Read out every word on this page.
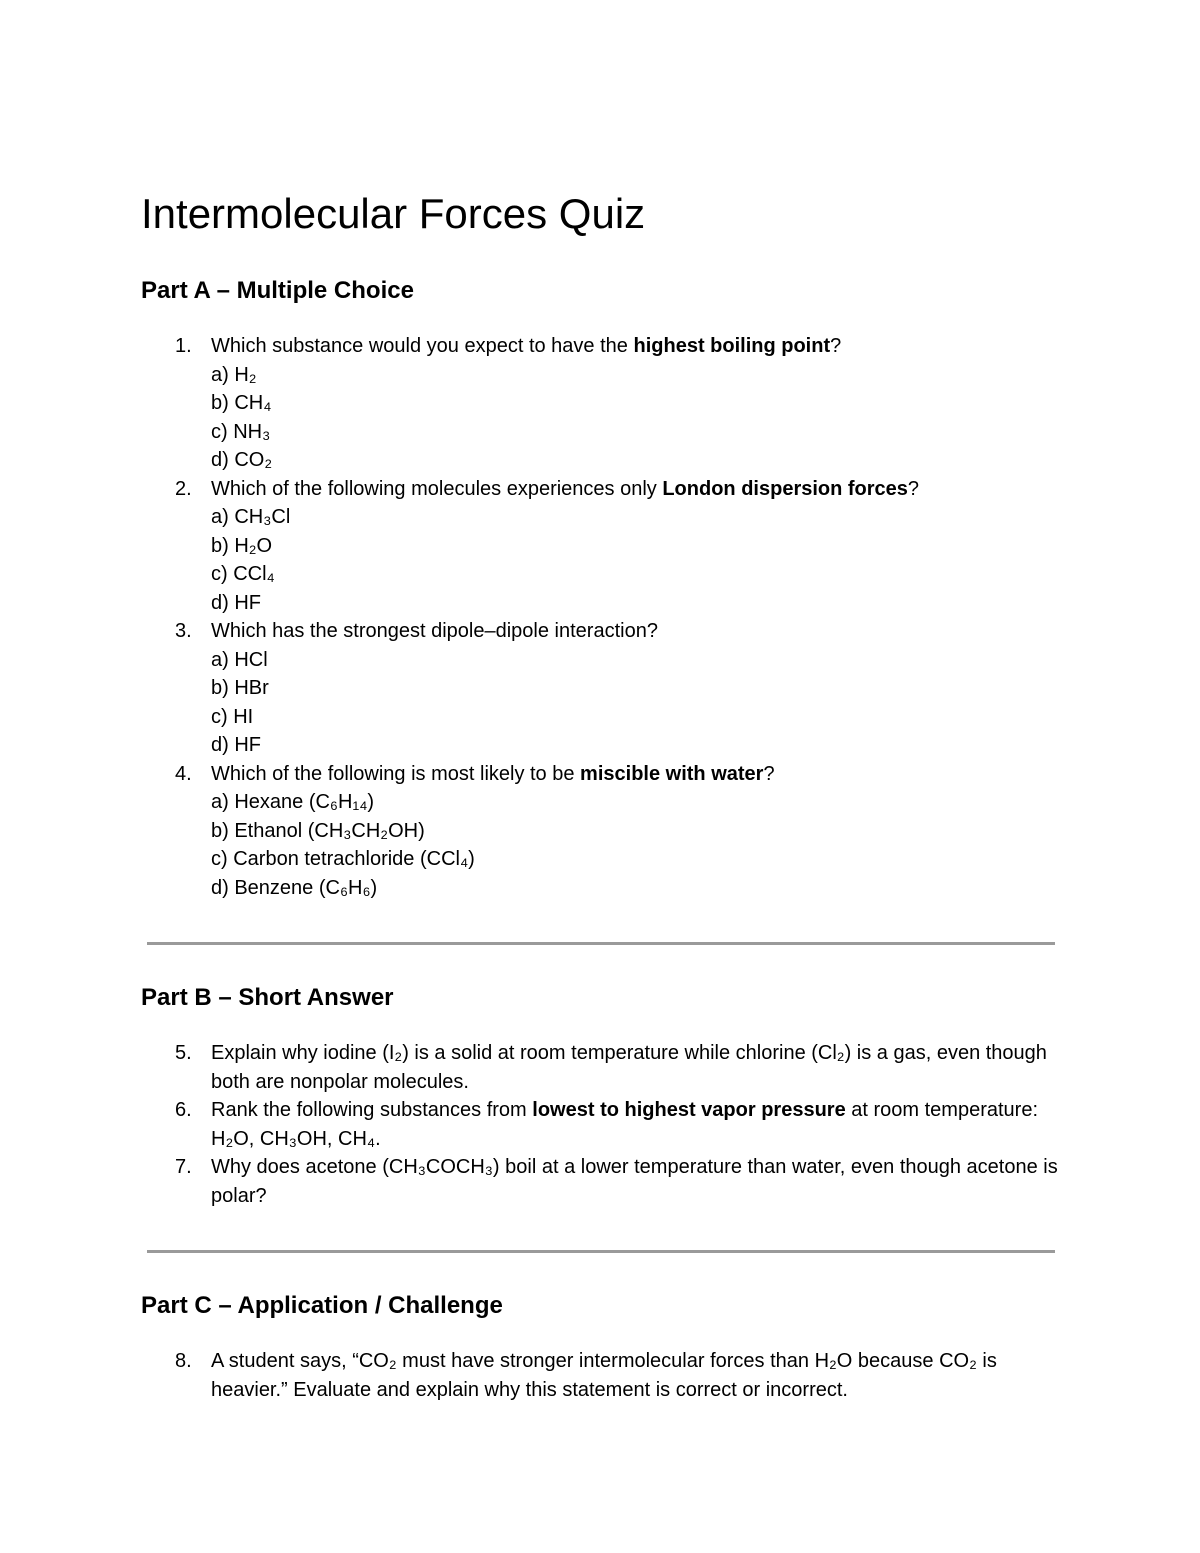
Intermolecular Forces Quiz
Part A – Multiple Choice
1. Which substance would you expect to have the highest boiling point?
a) H₂
b) CH₄
c) NH₃
d) CO₂
2. Which of the following molecules experiences only London dispersion forces?
a) CH₃Cl
b) H₂O
c) CCl₄
d) HF
3. Which has the strongest dipole–dipole interaction?
a) HCl
b) HBr
c) HI
d) HF
4. Which of the following is most likely to be miscible with water?
a) Hexane (C₆H₁₄)
b) Ethanol (CH₃CH₂OH)
c) Carbon tetrachloride (CCl₄)
d) Benzene (C₆H₆)
Part B – Short Answer
5. Explain why iodine (I₂) is a solid at room temperature while chlorine (Cl₂) is a gas, even though both are nonpolar molecules.
6. Rank the following substances from lowest to highest vapor pressure at room temperature: H₂O, CH₃OH, CH₄.
7. Why does acetone (CH₃COCH₃) boil at a lower temperature than water, even though acetone is polar?
Part C – Application / Challenge
8. A student says, “CO₂ must have stronger intermolecular forces than H₂O because CO₂ is heavier.” Evaluate and explain why this statement is correct or incorrect.
